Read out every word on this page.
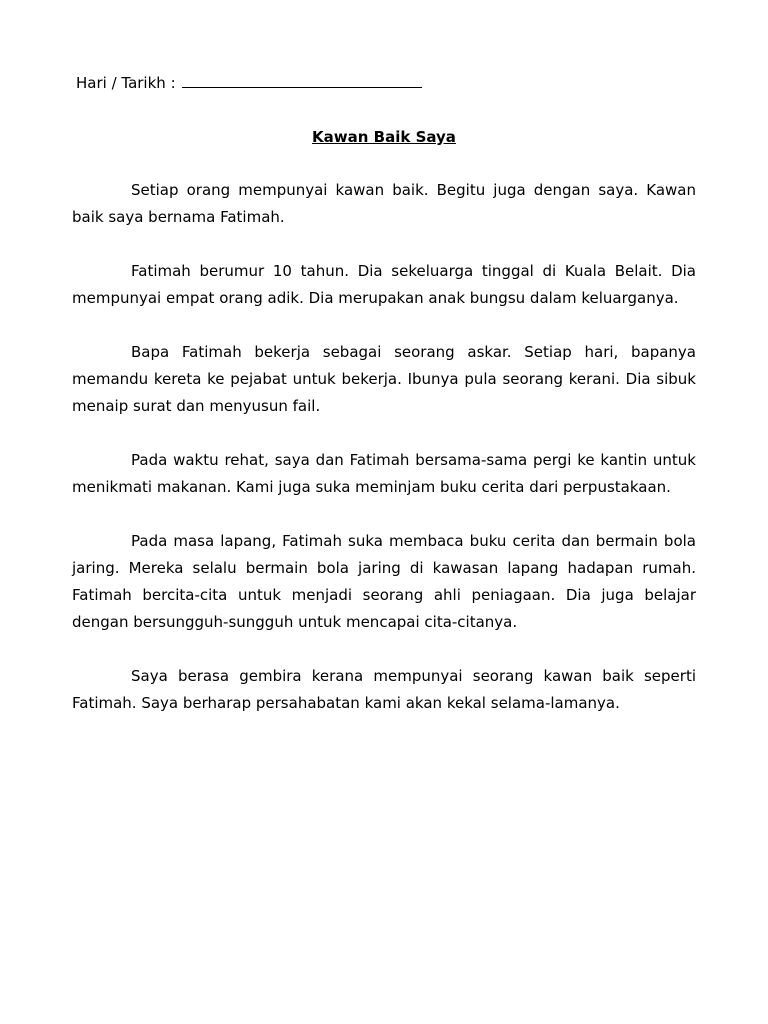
Hari / Tarikh :
Kawan Baik Saya

Setiap orang mempunyai kawan baik. Begitu juga dengan saya. Kawan baik saya bernama Fatimah.

Fatimah berumur 10 tahun. Dia sekeluarga tinggal di Kuala Belait. Dia mempunyai empat orang adik. Dia merupakan anak bungsu dalam keluarganya.

Bapa Fatimah bekerja sebagai seorang askar. Setiap hari, bapanya memandu kereta ke pejabat untuk bekerja. Ibunya pula seorang kerani. Dia sibuk menaip surat dan menyusun fail.

Pada waktu rehat, saya dan Fatimah bersama-sama pergi ke kantin untuk menikmati makanan. Kami juga suka meminjam buku cerita dari perpustakaan.

Pada masa lapang, Fatimah suka membaca buku cerita dan bermain bola jaring. Mereka selalu bermain bola jaring di kawasan lapang hadapan rumah. Fatimah bercita-cita untuk menjadi seorang ahli peniagaan. Dia juga belajar dengan bersungguh-sungguh untuk mencapai cita-citanya.

Saya berasa gembira kerana mempunyai seorang kawan baik seperti Fatimah. Saya berharap persahabatan kami akan kekal selama-lamanya.
